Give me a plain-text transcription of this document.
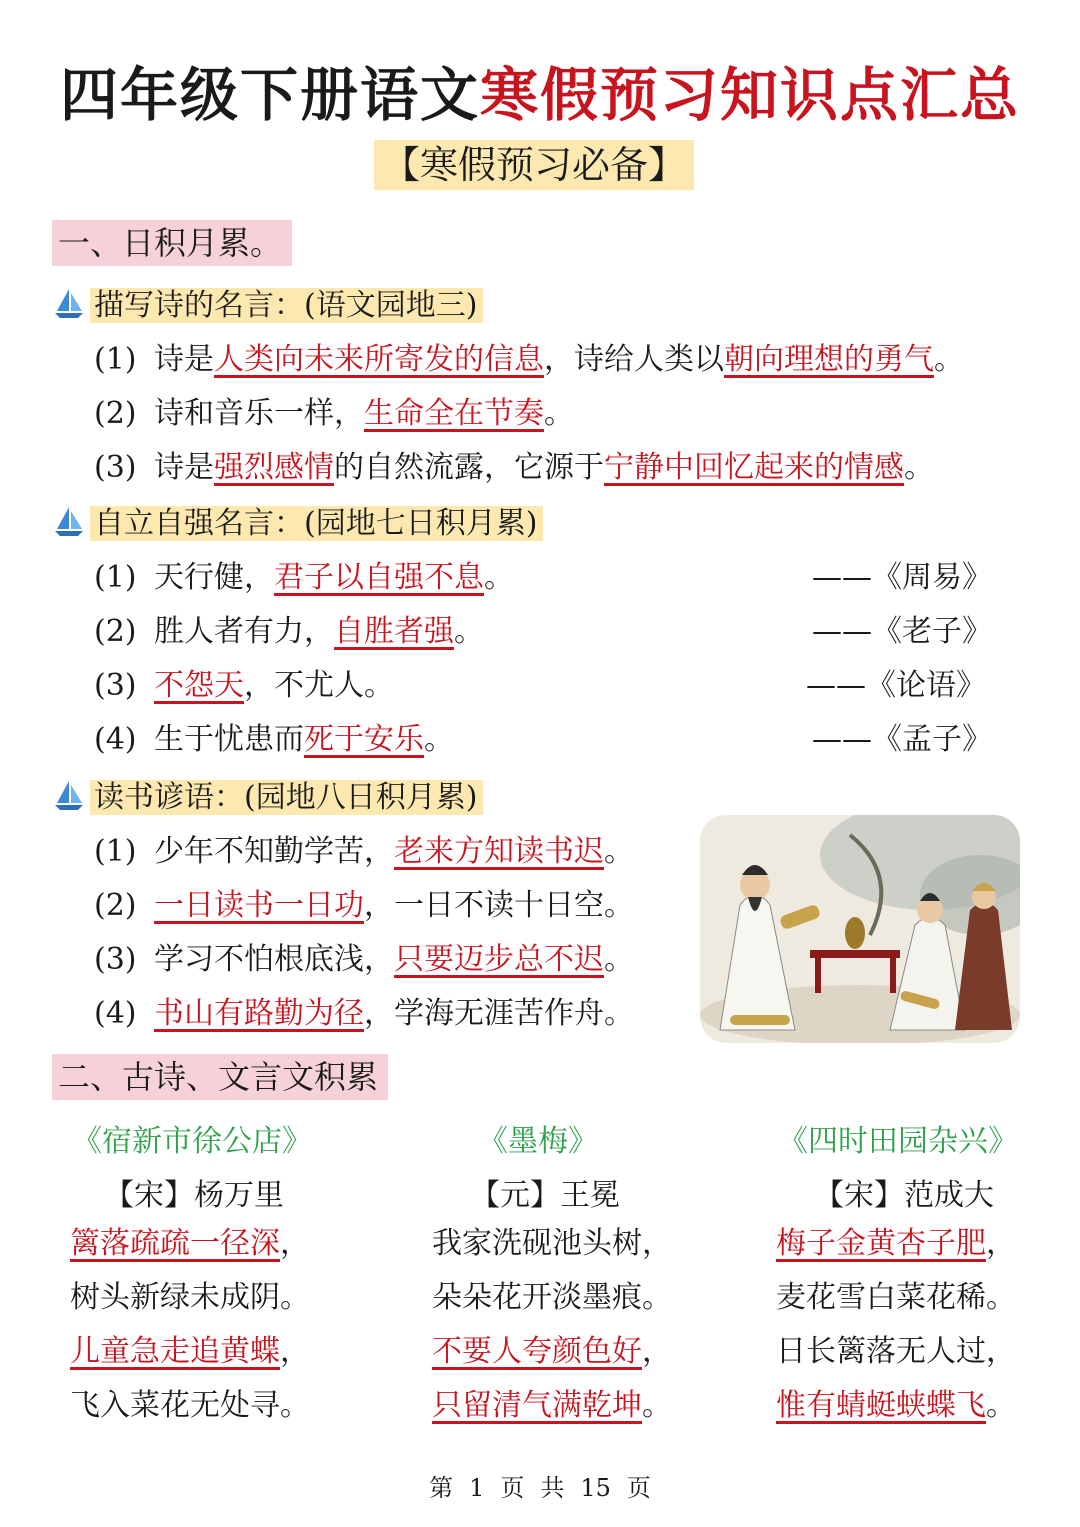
四年级下册语文寒假预习知识点汇总
【寒假预习必备】
一、日积月累。
描写诗的名言：(语文园地三)
(1) 诗是人类向未来所寄发的信息，诗给人类以朝向理想的勇气。
(2) 诗和音乐一样，生命全在节奏。
(3) 诗是强烈感情的自然流露，它源于宁静中回忆起来的情感。
自立自强名言：(园地七日积月累)
(1) 天行健，君子以自强不息。	——《周易》
(2) 胜人者有力，自胜者强。	——《老子》
(3) 不怨天，不尤人。	——《论语》
(4) 生于忧患而死于安乐。	——《孟子》
读书谚语：(园地八日积月累)
(1) 少年不知勤学苦，老来方知读书迟。
(2) 一日读书一日功，一日不读十日空。
(3) 学习不怕根底浅，只要迈步总不迟。
(4) 书山有路勤为径，学海无涯苦作舟。
二、古诗、文言文积累
《宿新市徐公店》
【宋】杨万里
篱落疏疏一径深，
树头新绿未成阴。
儿童急走追黄蝶，
飞入菜花无处寻。
《墨梅》
【元】王冕
我家洗砚池头树，
朵朵花开淡墨痕。
不要人夸颜色好，
只留清气满乾坤。
《四时田园杂兴》
【宋】范成大
梅子金黄杏子肥，
麦花雪白菜花稀。
日长篱落无人过，
惟有蜻蜓蛱蝶飞。
第 1 页 共 15 页
